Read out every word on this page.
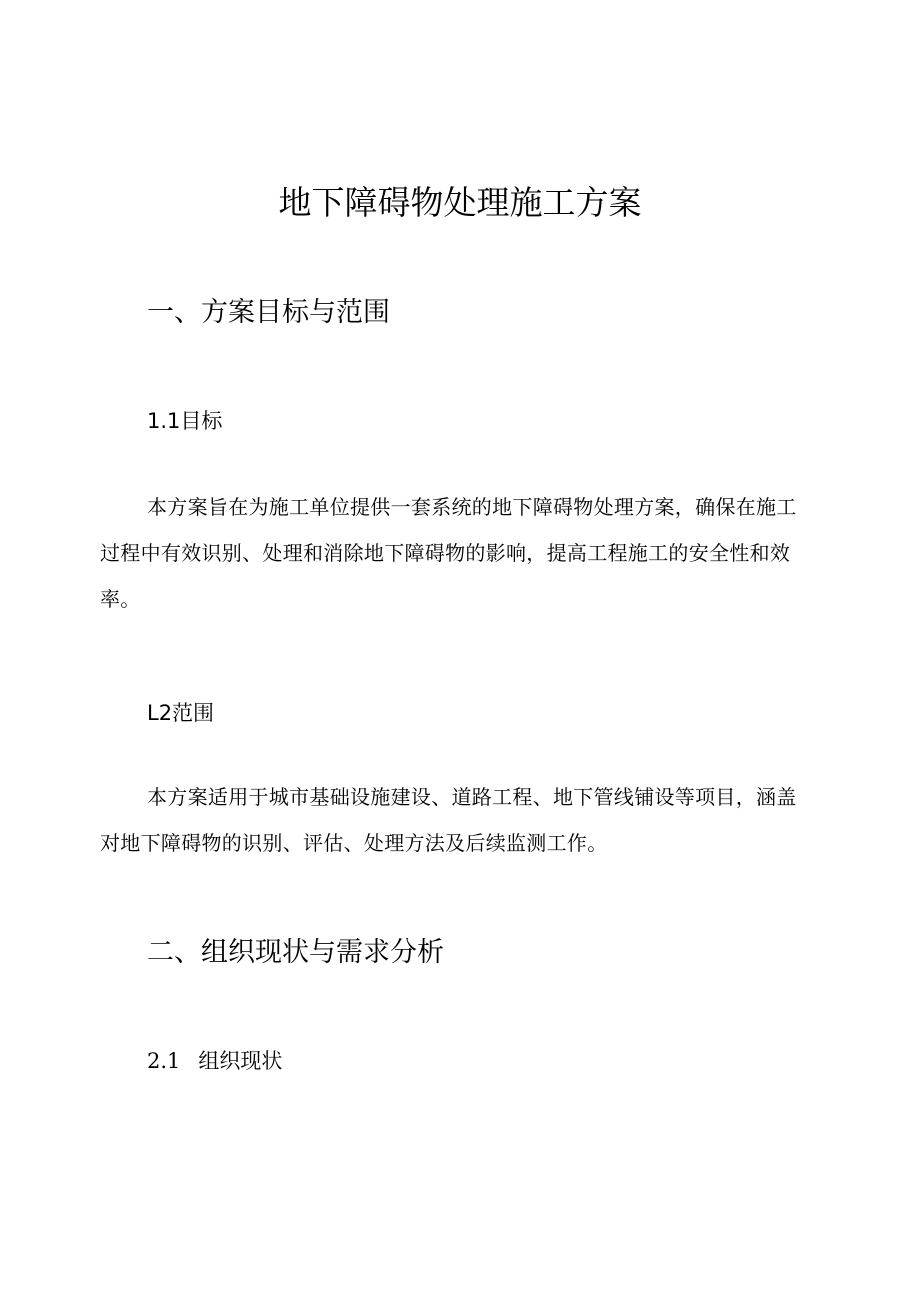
地下障碍物处理施工方案
一、方案目标与范围
1.1目标

本方案旨在为施工单位提供一套系统的地下障碍物处理方案，确保在施工过程中有效识别、处理和消除地下障碍物的影响，提高工程施工的安全性和效率。

L2范围

本方案适用于城市基础设施建设、道路工程、地下管线铺设等项目，涵盖对地下障碍物的识别、评估、处理方法及后续监测工作。

二、组织现状与需求分析
2.1 组织现状
